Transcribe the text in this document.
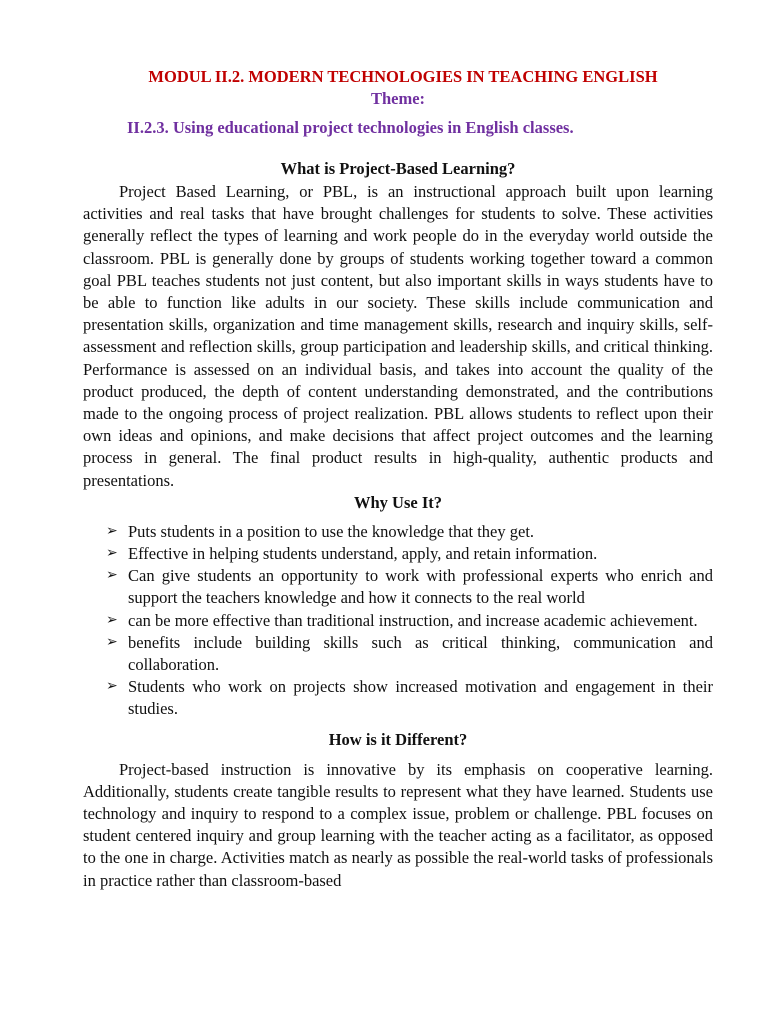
MODUL II.2. MODERN TECHNOLOGIES IN TEACHING ENGLISH

Theme:

II.2.3. Using educational project technologies in English classes.

What is Project-Based Learning?

Project Based Learning, or PBL, is an instructional approach built upon learning activities and real tasks that have brought challenges for students to solve. These activities generally reflect the types of learning and work people do in the everyday world outside the classroom. PBL is generally done by groups of students working together toward a common goal PBL teaches students not just content, but also important skills in ways students have to be able to function like adults in our society. These skills include communication and presentation skills, organization and time management skills, research and inquiry skills, self-assessment and reflection skills, group participation and leadership skills, and critical thinking. Performance is assessed on an individual basis, and takes into account the quality of the product produced, the depth of content understanding demonstrated, and the contributions made to the ongoing process of project realization. PBL allows students to reflect upon their own ideas and opinions, and make decisions that affect project outcomes and the learning process in general. The final product results in high-quality, authentic products and presentations.

Why Use It?
➢ Puts students in a position to use the knowledge that they get.
➢ Effective in helping students understand, apply, and retain information.
➢ Can give students an opportunity to work with professional experts who enrich and support the teachers knowledge and how it connects to the real world
➢ can be more effective than traditional instruction, and increase academic achievement.
➢ benefits include building skills such as critical thinking, communication and collaboration.
➢ Students who work on projects show increased motivation and engagement in their studies.
How is it Different?

Project-based instruction is innovative by its emphasis on cooperative learning. Additionally, students create tangible results to represent what they have learned. Students use technology and inquiry to respond to a complex issue, problem or challenge. PBL focuses on student centered inquiry and group learning with the teacher acting as a facilitator, as opposed to the one in charge. Activities match as nearly as possible the real-world tasks of professionals in practice rather than classroom-based
